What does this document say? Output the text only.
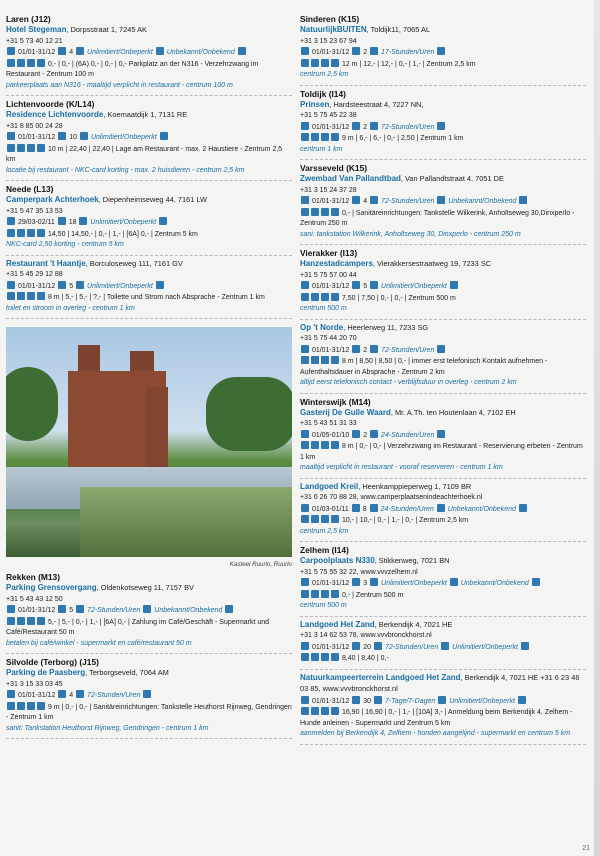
Laren (J12)
Hotel Stegeman, Dorpsstraat 1, 7245 AK
+31 5 73 40 12 21
01/01-31/12 4 Unlimitiert/Onbeperkt Unbekannt/Onbekend
0,- | 0,- | (6A) 0,- | 0,- | 0,- Parkplatz an der N316 - Verzehrzwang im Restaurant - Zentrum 100 m
parkeerplaats aan N316 - maaltijd verplicht in restaurant - centrum 100 m
Lichtenvoorde (K/L14)
Residence Lichtenvoorde, Koemaatdijk 1, 7131 RE
+31 8 85 00 24 28
01/01-31/12 10 Unlimitiert/Onbeperkt
10 m | 22,40 | 22,40 | Lage am Restaurant - max. 2 Haustiere - Zentrum 2,5 km
locatie bij restaurant - NKC-card korting - max. 2 huisdieren - centrum 2,5 km
Neede (L13)
Camperpark Achterhoek, Diepenheimseweg 44, 7161 LW
+31 5 47 35 13 53
29/03-02/11 18 Unlimitiert/Onbeperkt
14,50 | 14,50,- | 0,- | 1,- | [6A] 0,- | Zentrum 5 km
NKC-card 2,50 korting - centrum 5 km
Restaurant 't Haantje, Borculoseweg 111, 7161 GV
+31 5 45 29 12 88
01/01-31/12 5 Unlimitiert/Onbeperkt
8 m | 5,- | 5,- | ?,- | Toilette und Strom nach Absprache - Zentrum 1 km
toilet en stroom in overleg - centrum 1 km
Kasteel Ruurlo, Ruurlo
Rekken (M13)
Parking Grensovergang, Oldenkotseweg 11, 7157 BV
+31 5 43 43 12 50
01/01-31/12 5 72-Stunden/Uren Unbekannt/Onbekend
5,- | 5,- | 0,- | 1,- | [6A] 0,- | Zahlung im Café/Geschäft - Supermarkt und Café/Restaurant 50 m
betalen bij café/winkel - supermarkt en café/restaurant 50 m
Silvolde (Terborg) (J15)
Parking de Paasberg, Terborgseveld, 7064 AM
+31 3 15 33 03 45
01/01-31/12 4 72-Stunden/Uren
9 m | 0,- | 0,- | Sanitäreinrichtungen: Tankstelle Heuthorst Rijnweg, Gendringen - Zentrum 1 km
sanit: Tankstation Heuthorst Rijnweg, Gendringen - centrum 1 km
Sinderen (K15)
NatuurlijkBUITEN, Toldijk11, 7065 AL
+31 3 15 23 67 94
01/01-31/12 2 17-Stunden/Uren
12 m | 12,- | 12,- | 0,- | 1,- | Zentrum 2,5 km
centrum 2,5 km
Toldijk (I14)
Prinsen, Hardsteestraat 4, 7227 NN,
+31 5 75 45 22 38
01/01-31/12 2 72-Stunden/Uren
9 m | 6,- | 6,- | 0,- | 2,50 | Zentrum 1 km
centrum 1 km
Varsseveld (K15)
Zwembad Van Pallandtbad, Van Pallandtstraat 4, 7051 DE
+31 3 15 24 37 28
01/01-31/12 4 72-Stunden/Uren Unbekannt/Onbekend
0,- | Sanitäreinrichtungen: Tankstelle Wilkerink, Anholtseweg 30,Dinxperlo - Zentrum 250 m
sani: tankstation Wilkerink, Anholtseweg 30, Dinxperlo - centrum 250 m
Vierakker (I13)
Hanzestadcampers, Vierakkersestraatweg 19, 7233 SC
+31 5 75 57 00 44
01/01-31/12 5 Unlimitiert/Onbeperkt
7,50 | 7,50 | 0,- | 0,- | Zentrum 500 m
centrum 500 m
Op 't Norde, Heerlerweg 11, 7233 SG
+31 5 75 44 20 70
01/01-31/12 2 72-Stunden/Uren
8 m | 8,50 | 8,50 | 0,- | immer erst telefonisch Kontakt aufnehmen - Aufenthaltsdauer in Absprache - Zentrum 2 km
altijd eerst telefonisch contact - verblijfsduur in overleg - centrum 2 km
Winterswijk (M14)
Gasterij De Gulle Waard, Mr. A.Th. ten Houtenlaan 4, 7102 EH
+31 5 43 51 31 33
01/05-01/10 2 24-Stunden/Uren
8 m | 0,- | 0,- | Verzehrzwang im Restaurant - Reservierung erbeten - Zentrum 1 km
maaltijd verplicht in restaurant - vooraf reserveren - centrum 1 km
Landgoed Kreil, Heenkamppieperweg 1, 7109 BR
+31 6 26 70 88 28, www.camperplaatsenindeachterhoek.nl
01/03-01/11 8 24-Stunden/Uren Unbekannt/Onbekend
10,- | 10,- | 0,- | 1,- | 0,- | Zentrum 2,5 km
centrum 2,5 km
Zelhem (I14)
Carpoolplaats N330, Stikkenweg, 7021 BN
+31 5 75 55 32 22, www.vvvzelhem.nl
01/01-31/12 3 Unlimitiert/Onbeperkt Unbekannt/Onbekend
0,- | Zentrum 500 m
centrum 500 m
Landgoed Het Zand, Berkendijk 4, 7021 HE
+31 3 14 62 53 78, www.vvvbronckhorst.nl
01/01-31/12 20 72-Stunden/Uren Unlimitiert/Onbeperkt
8,40 | 8,40 | 0,-
Natuurkampeerterrein Landgoed Het Zand, Berkendijk 4, 7021 HE +31 6 23 46 03 85, www.vvvbronckhorst.nl
01/01-31/12 30 7-Tage/7-Dagen Unlimitiert/Onbeperkt
16,90 | 16,90 | 0,- | 1,- | [10A] 3,- | Anmeldung beim Berkendijk 4, Zelhem - Hunde anleinen - Supermarkt und Zentrum 5 km
aanmelden bij Berkendijk 4, Zelhem - honden aangelijnd - supermarkt en centrum 5 km
21
